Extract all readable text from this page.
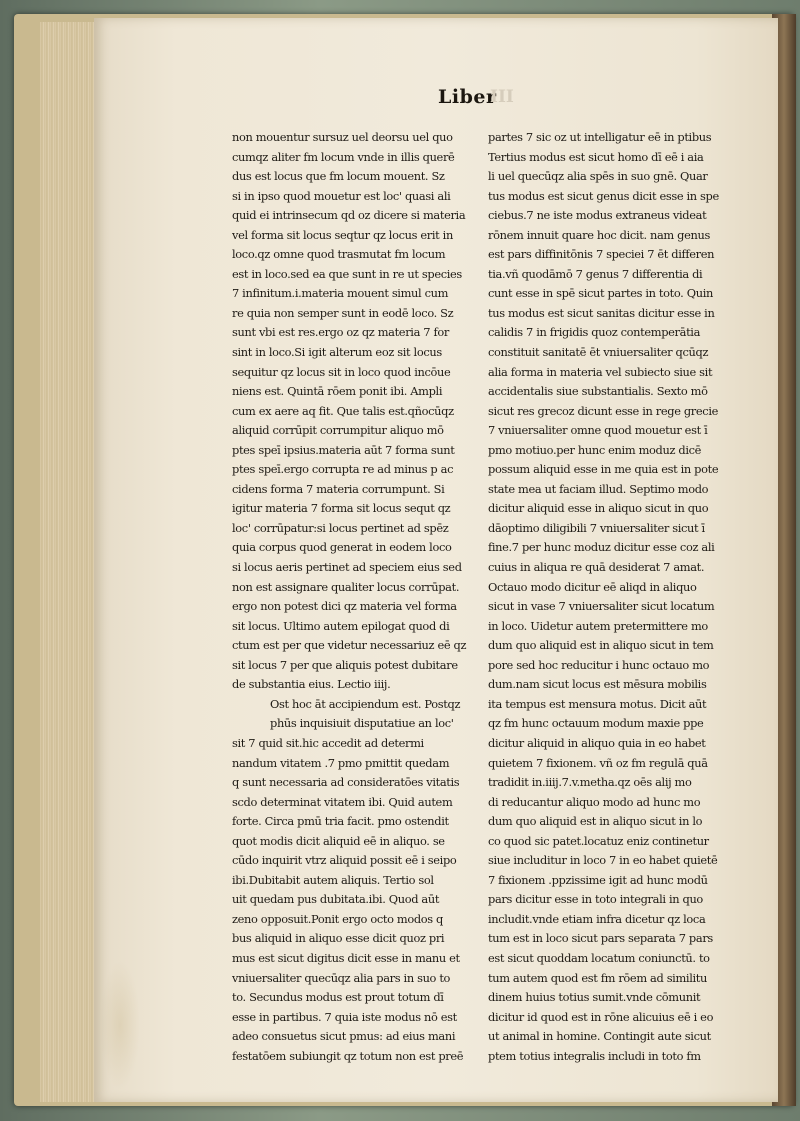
Liber
III
non mouentur sursuz uel deorsu uel quo
cumqz aliter fm locum vnde in illis querē
dus est locus que fm locum mouent. Sz
si in ipso quod mouetur est loc' quasi ali
quid ei intrinsecum qd oz dicere si materia
vel forma sit locus seqtur qz locus erit in
loco.qz omne quod trasmutat fm locum
est in loco.sed ea que sunt in re ut species
7 infinitum.i.materia mouent simul cum
re quia non semper sunt in eodē loco. Sz
sunt vbi est res.ergo oz qz materia 7 for
sint in loco.Si igit alterum eoz sit locus
sequitur qz locus sit in loco quod incōue
niens est. Quintā rōem ponit ibi. Ampli
cum ex aere aq fit. Que talis est.qñocūqz
aliquid corrūpit corrumpitur aliquo mō
ptes speī ipsius.materia aūt 7 forma sunt
ptes speī.ergo corrupta re ad minus p ac
cidens forma 7 materia corrumpunt. Si
igitur materia 7 forma sit locus sequt qz
loc' corrūpatur:si locus pertinet ad spēz
quia corpus quod generat in eodem loco
si locus aeris pertinet ad speciem eius sed
non est assignare qualiter locus corrūpat.
ergo non potest dici qz materia vel forma
sit locus. Ultimo autem epilogat quod di
ctum est per que videtur necessariuz eē qz
sit locus 7 per que aliquis potest dubitare
de substantia eius. Lectio iiij.
Ost hoc āt accipiendum est. Postqz
phūs inquisiuit disputatiue an loc'
sit 7 quid sit.hic accedit ad determi
nandum vitatem .7 pmo pmittit quedam
q sunt necessaria ad consideratōes vitatis
scdo determinat vitatem ibi. Quid autem
forte. Circa pmū tria facit. pmo ostendit
quot modis dicit aliquid eē in aliquo. se
cūdo inquirit vtrz aliquid possit eē i seipo
ibi.Dubitabit autem aliquis. Tertio sol
uit quedam pus dubitata.ibi. Quod aūt
zeno opposuit.Ponit ergo octo modos q
bus aliquid in aliquo esse dicit quoz pri
mus est sicut digitus dicit esse in manu et
vniuersaliter quecūqz alia pars in suo to
to. Secundus modus est prout totum dī
esse in partibus. 7 quia iste modus nō est
adeo consuetus sicut pmus: ad eius mani
festatōem subiungit qz totum non est preē
partes 7 sic oz ut intelligatur eē in ptibus
Tertius modus est sicut homo dī eē i aia
li uel quecūqz alia spēs in suo gnē. Quar
tus modus est sicut genus dicit esse in spe
ciebus.7 ne iste modus extraneus videat
rōnem innuit quare hoc dicit. nam genus
est pars diffinitōnis 7 speciei 7 ēt differen
tia.vñ quodāmō 7 genus 7 differentia di
cunt esse in spē sicut partes in toto. Quin
tus modus est sicut sanitas dicitur esse in
calidis 7 in frigidis quoz contemperātia
constituit sanitatē ēt vniuersaliter qcūqz
alia forma in materia vel subiecto siue sit
accidentalis siue substantialis. Sexto mō
sicut res grecoz dicunt esse in rege grecie
7 vniuersaliter omne quod mouetur est ī
pmo motiuo.per hunc enim moduz dicē
possum aliquid esse in me quia est in pote
state mea ut faciam illud. Septimo modo
dicitur aliquid esse in aliquo sicut in quo
dāoptimo diligibili 7 vniuersaliter sicut ī
fine.7 per hunc moduz dicitur esse coz ali
cuius in aliqua re quā desiderat 7 amat.
Octauo modo dicitur eē aliqd in aliquo
sicut in vase 7 vniuersaliter sicut locatum
in loco. Uidetur autem pretermittere mo
dum quo aliquid est in aliquo sicut in tem
pore sed hoc reducitur i hunc octauo mo
dum.nam sicut locus est mēsura mobilis
ita tempus est mensura motus. Dicit aūt
qz fm hunc octauum modum maxie ppe
dicitur aliquid in aliquo quia in eo habet
quietem 7 fixionem. vñ oz fm regulā quā
tradidit in.iiij.7.v.metha.qz oēs alij mo
di reducantur aliquo modo ad hunc mo
dum quo aliquid est in aliquo sicut in lo
co quod sic patet.locatuz eniz continetur
siue includitur in loco 7 in eo habet quietē
7 fixionem .ppzissime igit ad hunc modū
pars dicitur esse in toto integrali in quo
includit.vnde etiam infra dicetur qz loca
tum est in loco sicut pars separata 7 pars
est sicut quoddam locatum coniunctū. to
tum autem quod est fm rōem ad similitu
dinem huius totius sumit.vnde cōmunit
dicitur id quod est in rōne alicuius eē i eo
ut animal in homine. Contingit aute sicut
ptem totius integralis includi in toto fm
